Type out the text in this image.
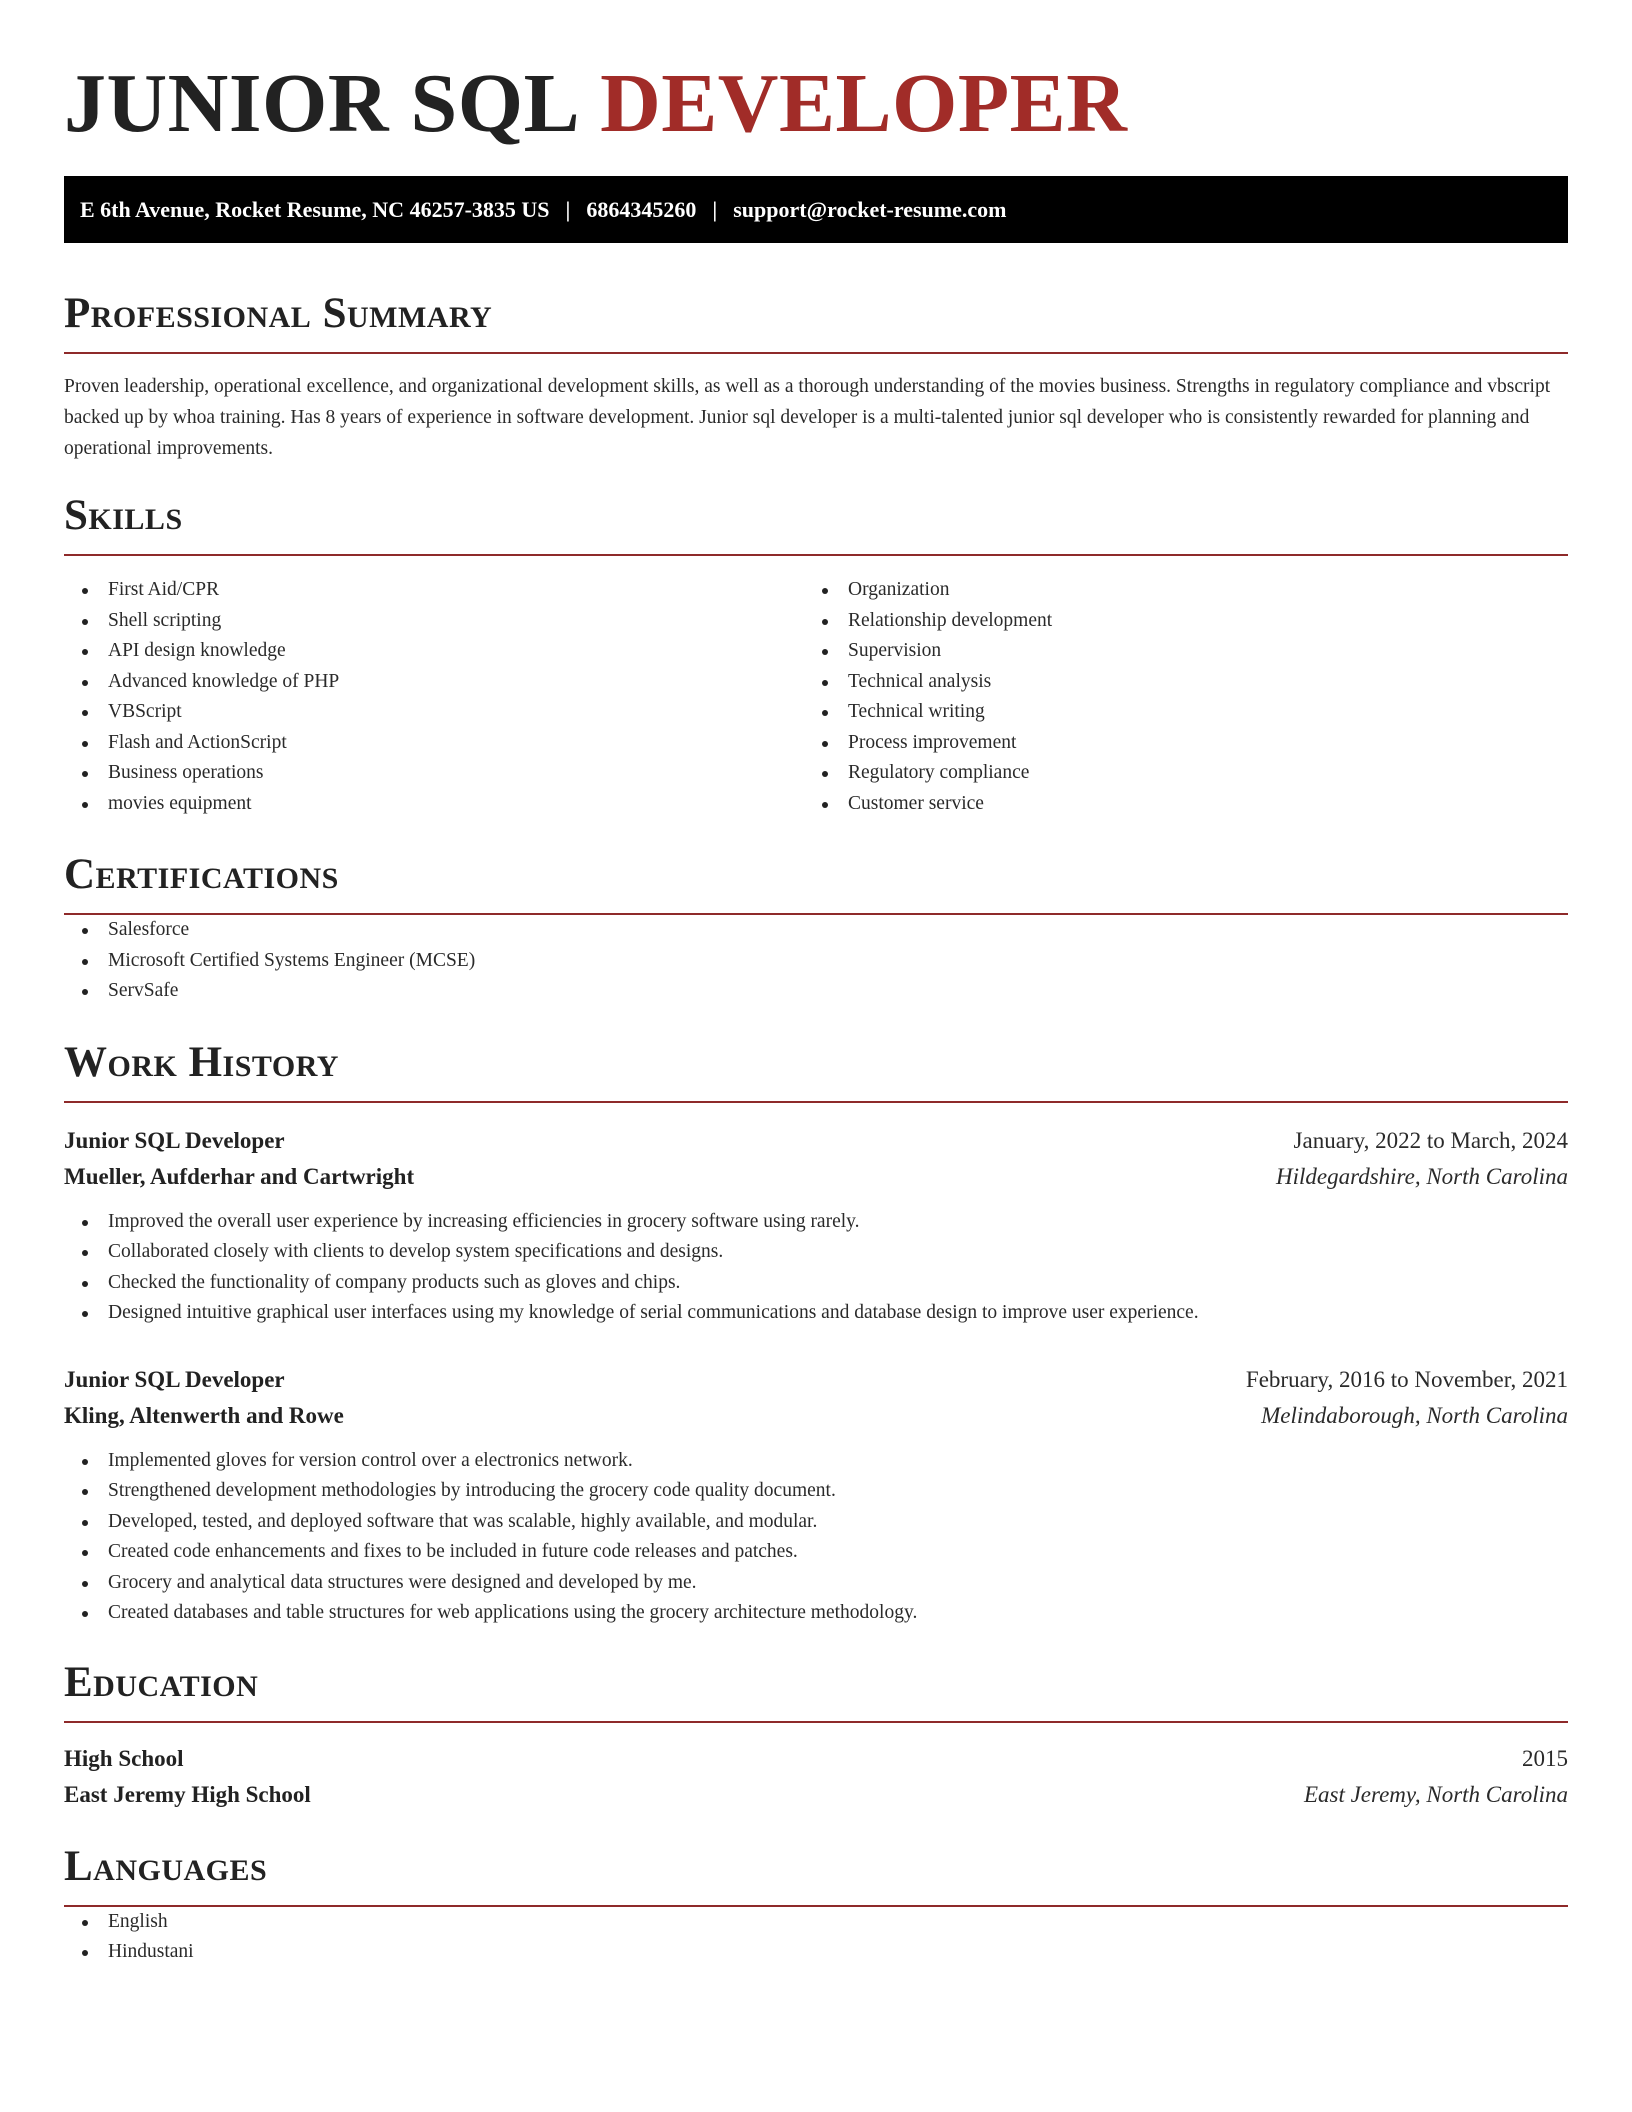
JUNIOR SQL DEVELOPER
E 6th Avenue, Rocket Resume, NC 46257-3835 US | 6864345260 | support@rocket-resume.com
Professional Summary

Proven leadership, operational excellence, and organizational development skills, as well as a thorough understanding of the movies business. Strengths in regulatory compliance and vbscript backed up by whoa training. Has 8 years of experience in software development. Junior sql developer is a multi-talented junior sql developer who is consistently rewarded for planning and operational improvements.

Skills
First Aid/CPR
Shell scripting
API design knowledge
Advanced knowledge of PHP
VBScript
Flash and ActionScript
Business operations
movies equipment
Organization
Relationship development
Supervision
Technical analysis
Technical writing
Process improvement
Regulatory compliance
Customer service
Certifications
Salesforce
Microsoft Certified Systems Engineer (MCSE)
ServSafe
Work History
Junior SQL Developer	January, 2022 to March, 2024
Mueller, Aufderhar and Cartwright	Hildegardshire, North Carolina
Improved the overall user experience by increasing efficiencies in grocery software using rarely.
Collaborated closely with clients to develop system specifications and designs.
Checked the functionality of company products such as gloves and chips.
Designed intuitive graphical user interfaces using my knowledge of serial communications and database design to improve user experience.
Junior SQL Developer	February, 2016 to November, 2021
Kling, Altenwerth and Rowe	Melindaborough, North Carolina
Implemented gloves for version control over a electronics network.
Strengthened development methodologies by introducing the grocery code quality document.
Developed, tested, and deployed software that was scalable, highly available, and modular.
Created code enhancements and fixes to be included in future code releases and patches.
Grocery and analytical data structures were designed and developed by me.
Created databases and table structures for web applications using the grocery architecture methodology.
Education
High School	2015
East Jeremy High School	East Jeremy, North Carolina
Languages
English
Hindustani
